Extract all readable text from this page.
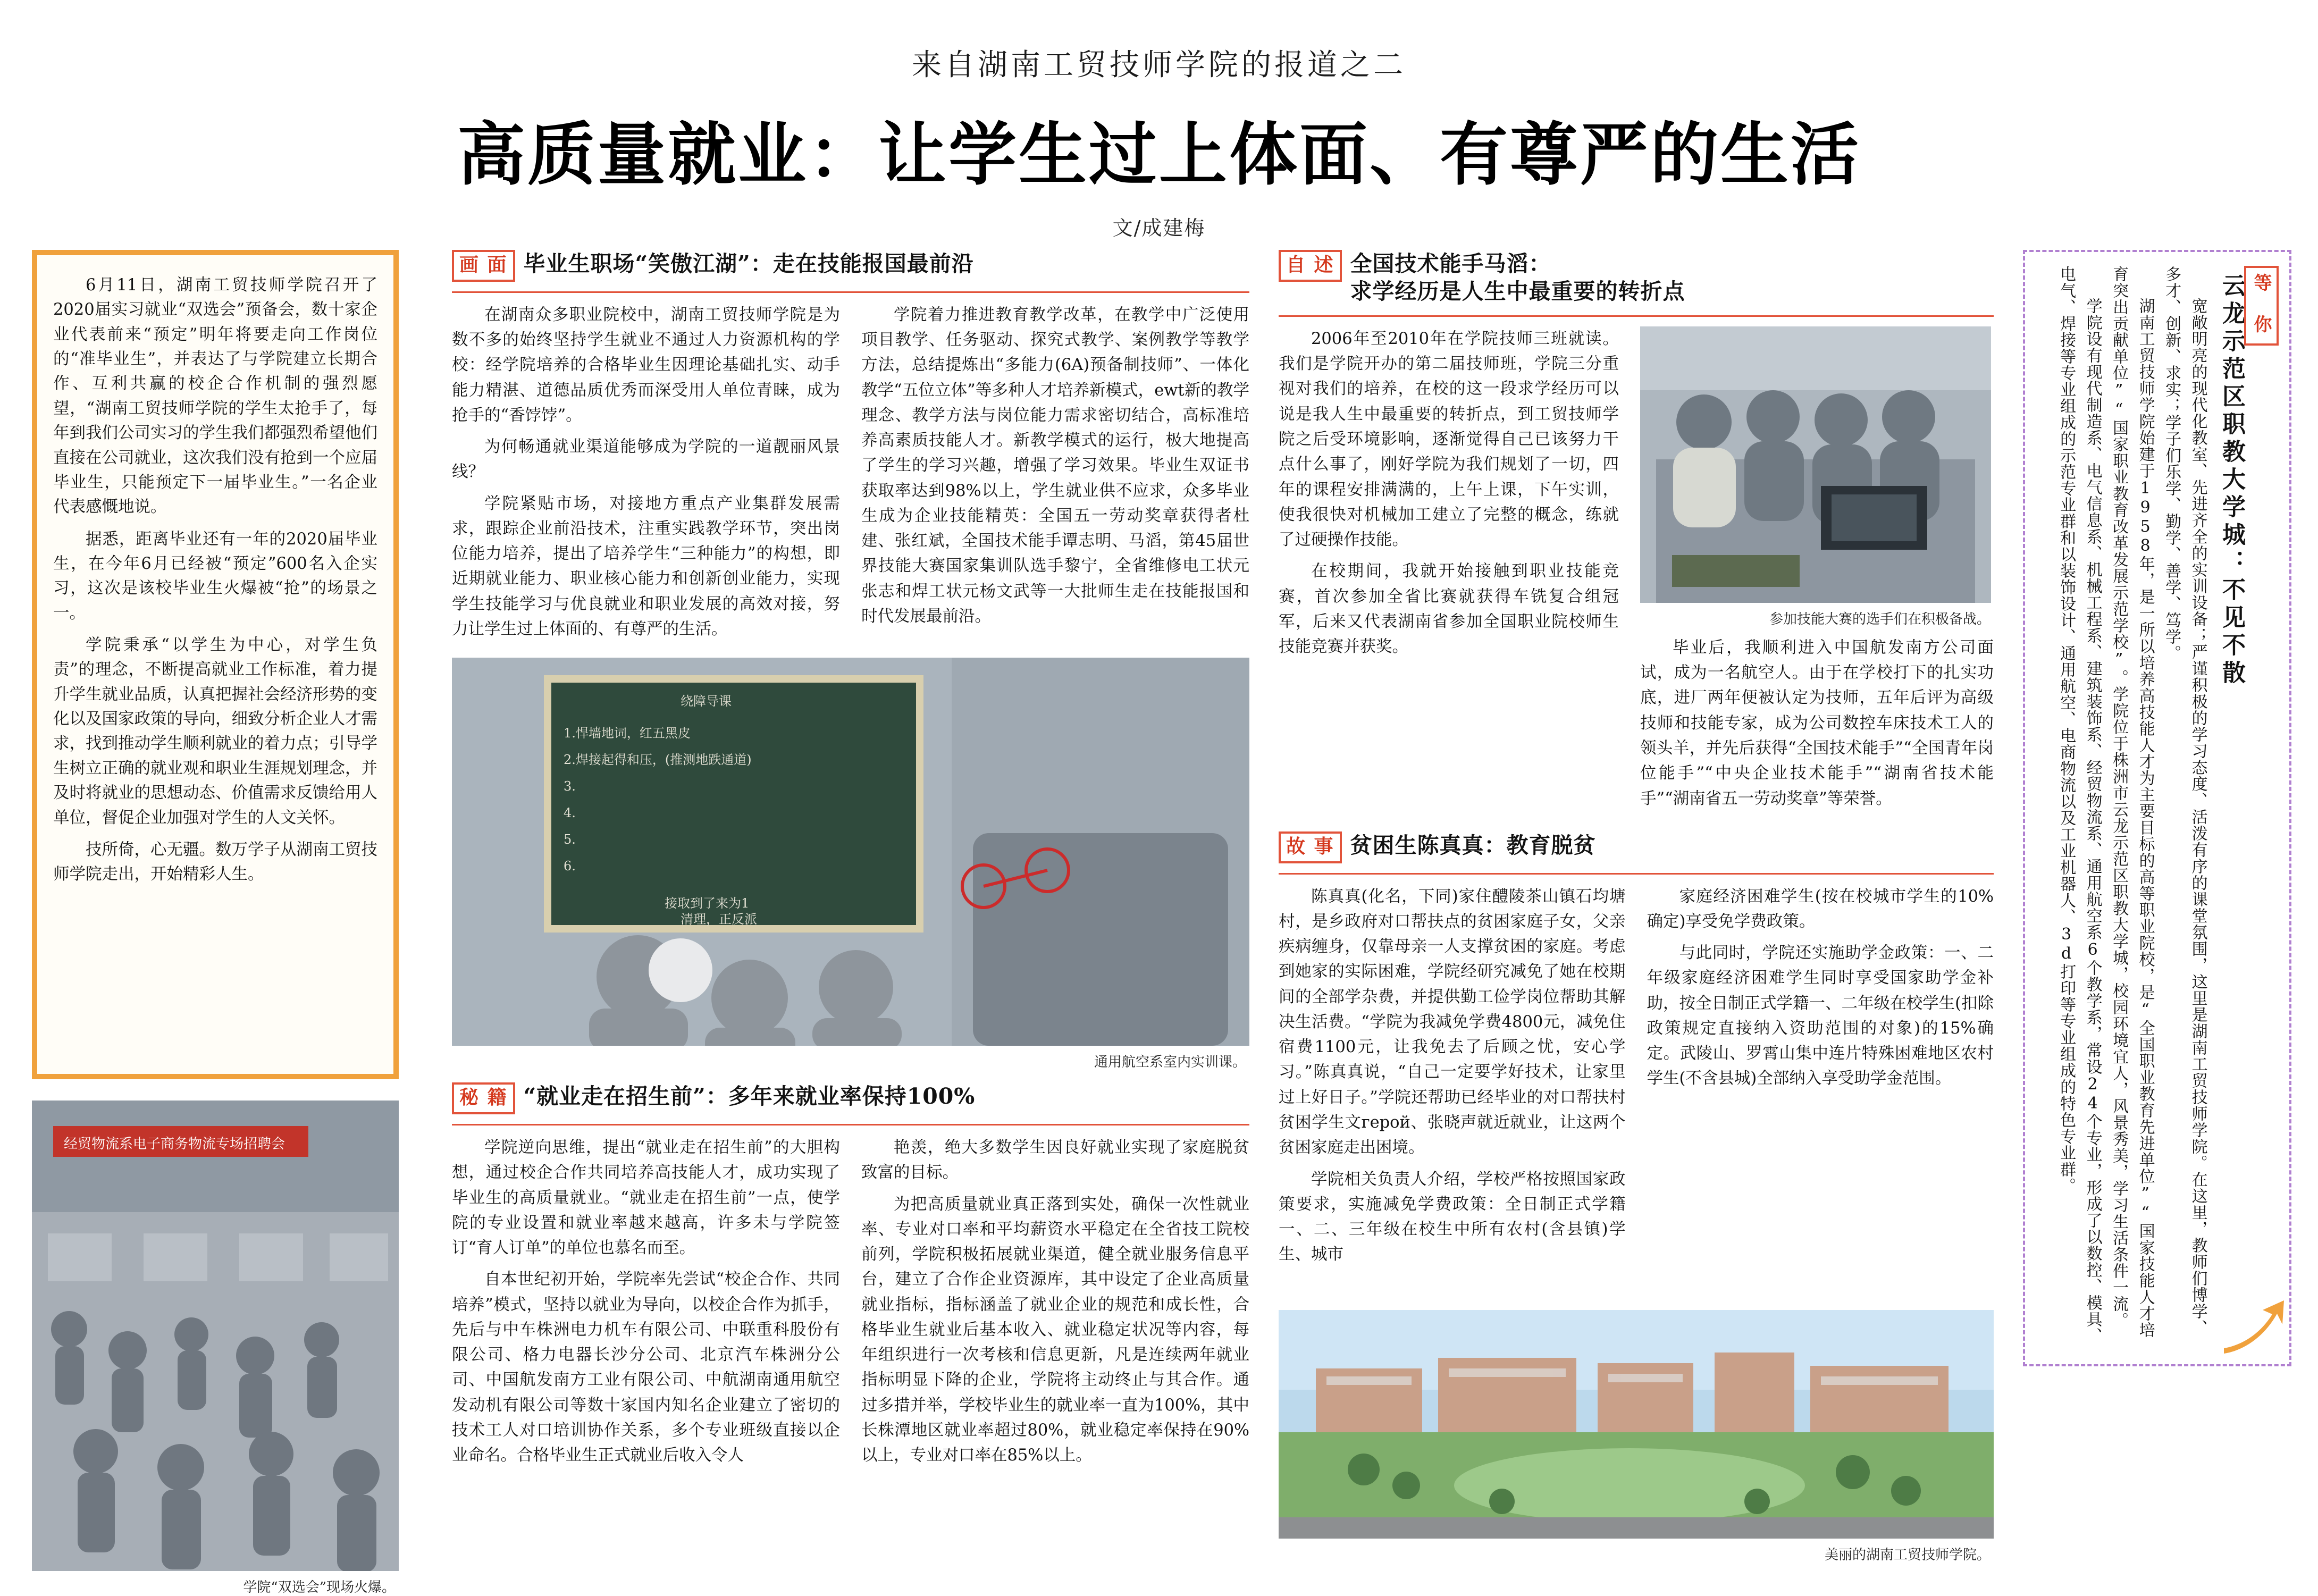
来自湖南工贸技师学院的报道之二
高质量就业：让学生过上体面、有尊严的生活
文/成建梅

6月11日，湖南工贸技师学院召开了2020届实习就业“双选会”预备会，数十家企业代表前来“预定”明年将要走向工作岗位的“准毕业生”，并表达了与学院建立长期合作、互利共赢的校企合作机制的强烈愿望，“湖南工贸技师学院的学生太抢手了，每年到我们公司实习的学生我们都强烈希望他们直接在公司就业，这次我们没有抢到一个应届毕业生，只能预定下一届毕业生。”一名企业代表感慨地说。

据悉，距离毕业还有一年的2020届毕业生，在今年6月已经被“预定”600名入企实习，这次是该校毕业生火爆被“抢”的场景之一。

学院秉承“以学生为中心，对学生负责”的理念，不断提高就业工作标准，着力提升学生就业品质，认真把握社会经济形势的变化以及国家政策的导向，细致分析企业人才需求，找到推动学生顺利就业的着力点；引导学生树立正确的就业观和职业生涯规划理念，并及时将就业的思想动态、价值需求反馈给用人单位，督促企业加强对学生的人文关怀。

技所倚，心无疆。数万学子从湖南工贸技师学院走出，开始精彩人生。

经贸物流系电子商务物流专场招聘会
学院“双选会”现场火爆。
画 面 毕业生职场“笑傲江湖”：走在技能报国最前沿

在湖南众多职业院校中，湖南工贸技师学院是为数不多的始终坚持学生就业不通过人力资源机构的学校：经学院培养的合格毕业生因理论基础扎实、动手能力精湛、道德品质优秀而深受用人单位青睐，成为抢手的“香饽饽”。

为何畅通就业渠道能够成为学院的一道靓丽风景线？

学院紧贴市场，对接地方重点产业集群发展需求，跟踪企业前沿技术，注重实践教学环节，突出岗位能力培养，提出了培养学生“三种能力”的构想，即近期就业能力、职业核心能力和创新创业能力，实现学生技能学习与优良就业和职业发展的高效对接，努力让学生过上体面的、有尊严的生活。

学院着力推进教育教学改革，在教学中广泛使用项目教学、任务驱动、探究式教学、案例教学等教学方法，总结提炼出“多能力(6A)预备制技师”、一体化教学“五位立体”等多种人才培养新模式，ewt新的教学理念、教学方法与岗位能力需求密切结合，高标准培养高素质技能人才。新教学模式的运行，极大地提高了学生的学习兴趣，增强了学习效果。毕业生双证书获取率达到98%以上，学生就业供不应求，众多毕业生成为企业技能精英：全国五一劳动奖章获得者杜建、张红斌，全国技术能手谭志明、马滔，第45届世界技能大赛国家集训队选手黎宁，全省维修电工状元张志和焊工状元杨文武等一大批师生走在技能报国和时代发展最前沿。

绕障导课
1.悍墙地词，红五黑皮
2.焊接起得和压，(推测地跌通道)
3.
4.
5.
6.
接取到了来为1
清理，正反派
通用航空系室内实训课。
秘 籍 “就业走在招生前”：多年来就业率保持100%

学院逆向思维，提出“就业走在招生前”的大胆构想，通过校企合作共同培养高技能人才，成功实现了毕业生的高质量就业。“就业走在招生前”一点，使学院的专业设置和就业率越来越高，许多未与学院签订“育人订单”的单位也慕名而至。

自本世纪初开始，学院率先尝试“校企合作、共同培养”模式，坚持以就业为导向，以校企合作为抓手，先后与中车株洲电力机车有限公司、中联重科股份有限公司、格力电器长沙分公司、北京汽车株洲分公司、中国航发南方工业有限公司、中航湖南通用航空发动机有限公司等数十家国内知名企业建立了密切的技术工人对口培训协作关系，多个专业班级直接以企业命名。合格毕业生正式就业后收入令人

艳羡，绝大多数学生因良好就业实现了家庭脱贫致富的目标。

为把高质量就业真正落到实处，确保一次性就业率、专业对口率和平均薪资水平稳定在全省技工院校前列，学院积极拓展就业渠道，健全就业服务信息平台，建立了合作企业资源库，其中设定了企业高质量就业指标，指标涵盖了就业企业的规范和成长性，合格毕业生就业后基本收入、就业稳定状况等内容，每年组织进行一次考核和信息更新，凡是连续两年就业指标明显下降的企业，学院将主动终止与其合作。通过多措并举，学校毕业生的就业率一直为100%，其中长株潭地区就业率超过80%，就业稳定率保持在90%以上，专业对口率在85%以上。

自 述 全国技术能手马滔：
求学经历是人生中最重要的转折点

2006年至2010年在学院技师三班就读。我们是学院开办的第二届技师班，学院三分重视对我们的培养，在校的这一段求学经历可以说是我人生中最重要的转折点，到工贸技师学院之后受环境影响，逐渐觉得自己已该努力干点什么事了，刚好学院为我们规划了一切，四年的课程安排满满的，上午上课，下午实训，使我很快对机械加工建立了完整的概念，练就了过硬操作技能。

在校期间，我就开始接触到职业技能竞赛，首次参加全省比赛就获得车铣复合组冠军，后来又代表湖南省参加全国职业院校师生技能竞赛并获奖。

参加技能大赛的选手们在积极备战。

毕业后，我顺利进入中国航发南方公司面试，成为一名航空人。由于在学校打下的扎实功底，进厂两年便被认定为技师，五年后评为高级技师和技能专家，成为公司数控车床技术工人的领头羊，并先后获得“全国技术能手”“全国青年岗位能手”“中央企业技术能手”“湖南省技术能手”“湖南省五一劳动奖章”等荣誉。

故 事 贫困生陈真真：教育脱贫

陈真真(化名，下同)家住醴陵茶山镇石均塘村，是乡政府对口帮扶点的贫困家庭子女，父亲疾病缠身，仅靠母亲一人支撑贫困的家庭。考虑到她家的实际困难，学院经研究减免了她在校期间的全部学杂费，并提供勤工俭学岗位帮助其解决生活费。“学院为我减免学费4800元，减免住宿费1100元，让我免去了后顾之忧，安心学习。”陈真真说，“自己一定要学好技术，让家里过上好日子。”学院还帮助已经毕业的对口帮扶村贫困学生文герой、张晓声就近就业，让这两个贫困家庭走出困境。

学院相关负责人介绍，学校严格按照国家政策要求，实施减免学费政策：全日制正式学籍一、二、三年级在校生中所有农村(含县镇)学生、城市

家庭经济困难学生(按在校城市学生的10%确定)享受免学费政策。

与此同时，学院还实施助学金政策：一、二年级家庭经济困难学生同时享受国家助学金补助，按全日制正式学籍一、二年级在校学生(扣除政策规定直接纳入资助范围的对象)的15%确定。武陵山、罗霄山集中连片特殊困难地区农村学生(不含县城)全部纳入享受助学金范围。

美丽的湖南工贸技师学院。
云龙示范区职教大学城：不见不散 等 你

宽敞明亮的现代化教室、先进齐全的实训设备；严谨积极的学习态度、活泼有序的课堂氛围，这里是湖南工贸技师学院。在这里，教师们博学、多才、创新、求实；学子们乐学、勤学、善学、笃学。

湖南工贸技师学院始建于1958年，是一所以培养高技能人才为主要目标的高等职业院校，是“全国职业教育先进单位”“国家技能人才培育突出贡献单位”“国家职业教育改革发展示范学校”。学院位于株洲市云龙示范区职教大学城，校园环境宜人，风景秀美，学习生活条件一流。

学院设有现代制造系、电气信息系、机械工程系、建筑装饰系、经贸物流系、通用航空系6个教学系，常设24个专业，形成了以数控、模具、电气、焊接等专业组成的示范专业群和以装饰设计、通用航空、电商物流以及工业机器人、3d打印等专业组成的特色专业群。
